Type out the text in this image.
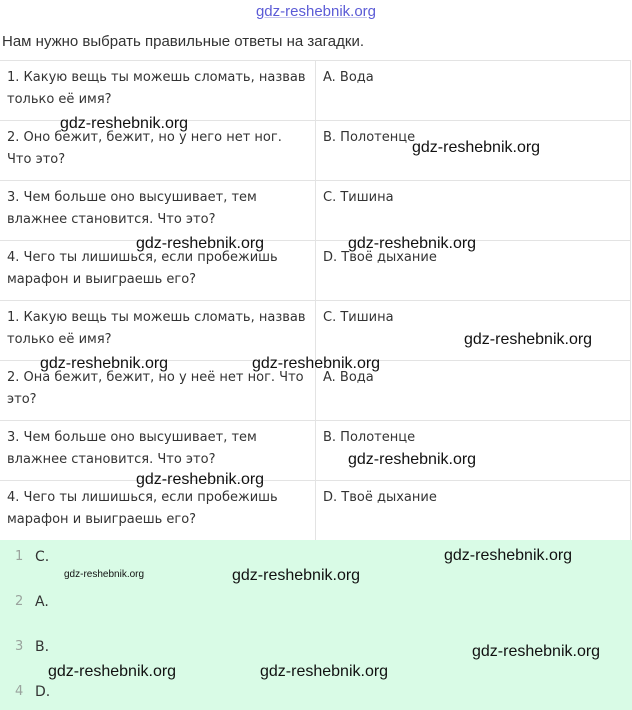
gdz-reshebnik.org
Нам нужно выбрать правильные ответы на загадки.
1. Какую вещь ты можешь сломать, назвав только её имя?
A. Вода
2. Оно бежит, бежит, но у него нет ног. Что это?
B. Полотенце
3. Чем больше оно высушивает, тем влажнее становится. Что это?
C. Тишина
4. Чего ты лишишься, если пробежишь марафон и выиграешь его?
D. Твоё дыхание
1. Какую вещь ты можешь сломать, назвав только её имя?
C. Тишина
2. Она бежит, бежит, но у неё нет ног. Что это?
A. Вода
3. Чем больше оно высушивает, тем влажнее становится. Что это?
B. Полотенце
4. Чего ты лишишься, если пробежишь марафон и выиграешь его?
D. Твоё дыхание
1 C.
2 A.
3 B.
4 D.
gdz-reshebnik.org
gdz-reshebnik.org
gdz-reshebnik.org	gdz-reshebnik.org
gdz-reshebnik.org
gdz-reshebnik.org	gdz-reshebnik.org
gdz-reshebnik.org
gdz-reshebnik.org
gdz-reshebnik.org
gdz-reshebnik.org	gdz-reshebnik.org
gdz-reshebnik.org
gdz-reshebnik.org	gdz-reshebnik.org
